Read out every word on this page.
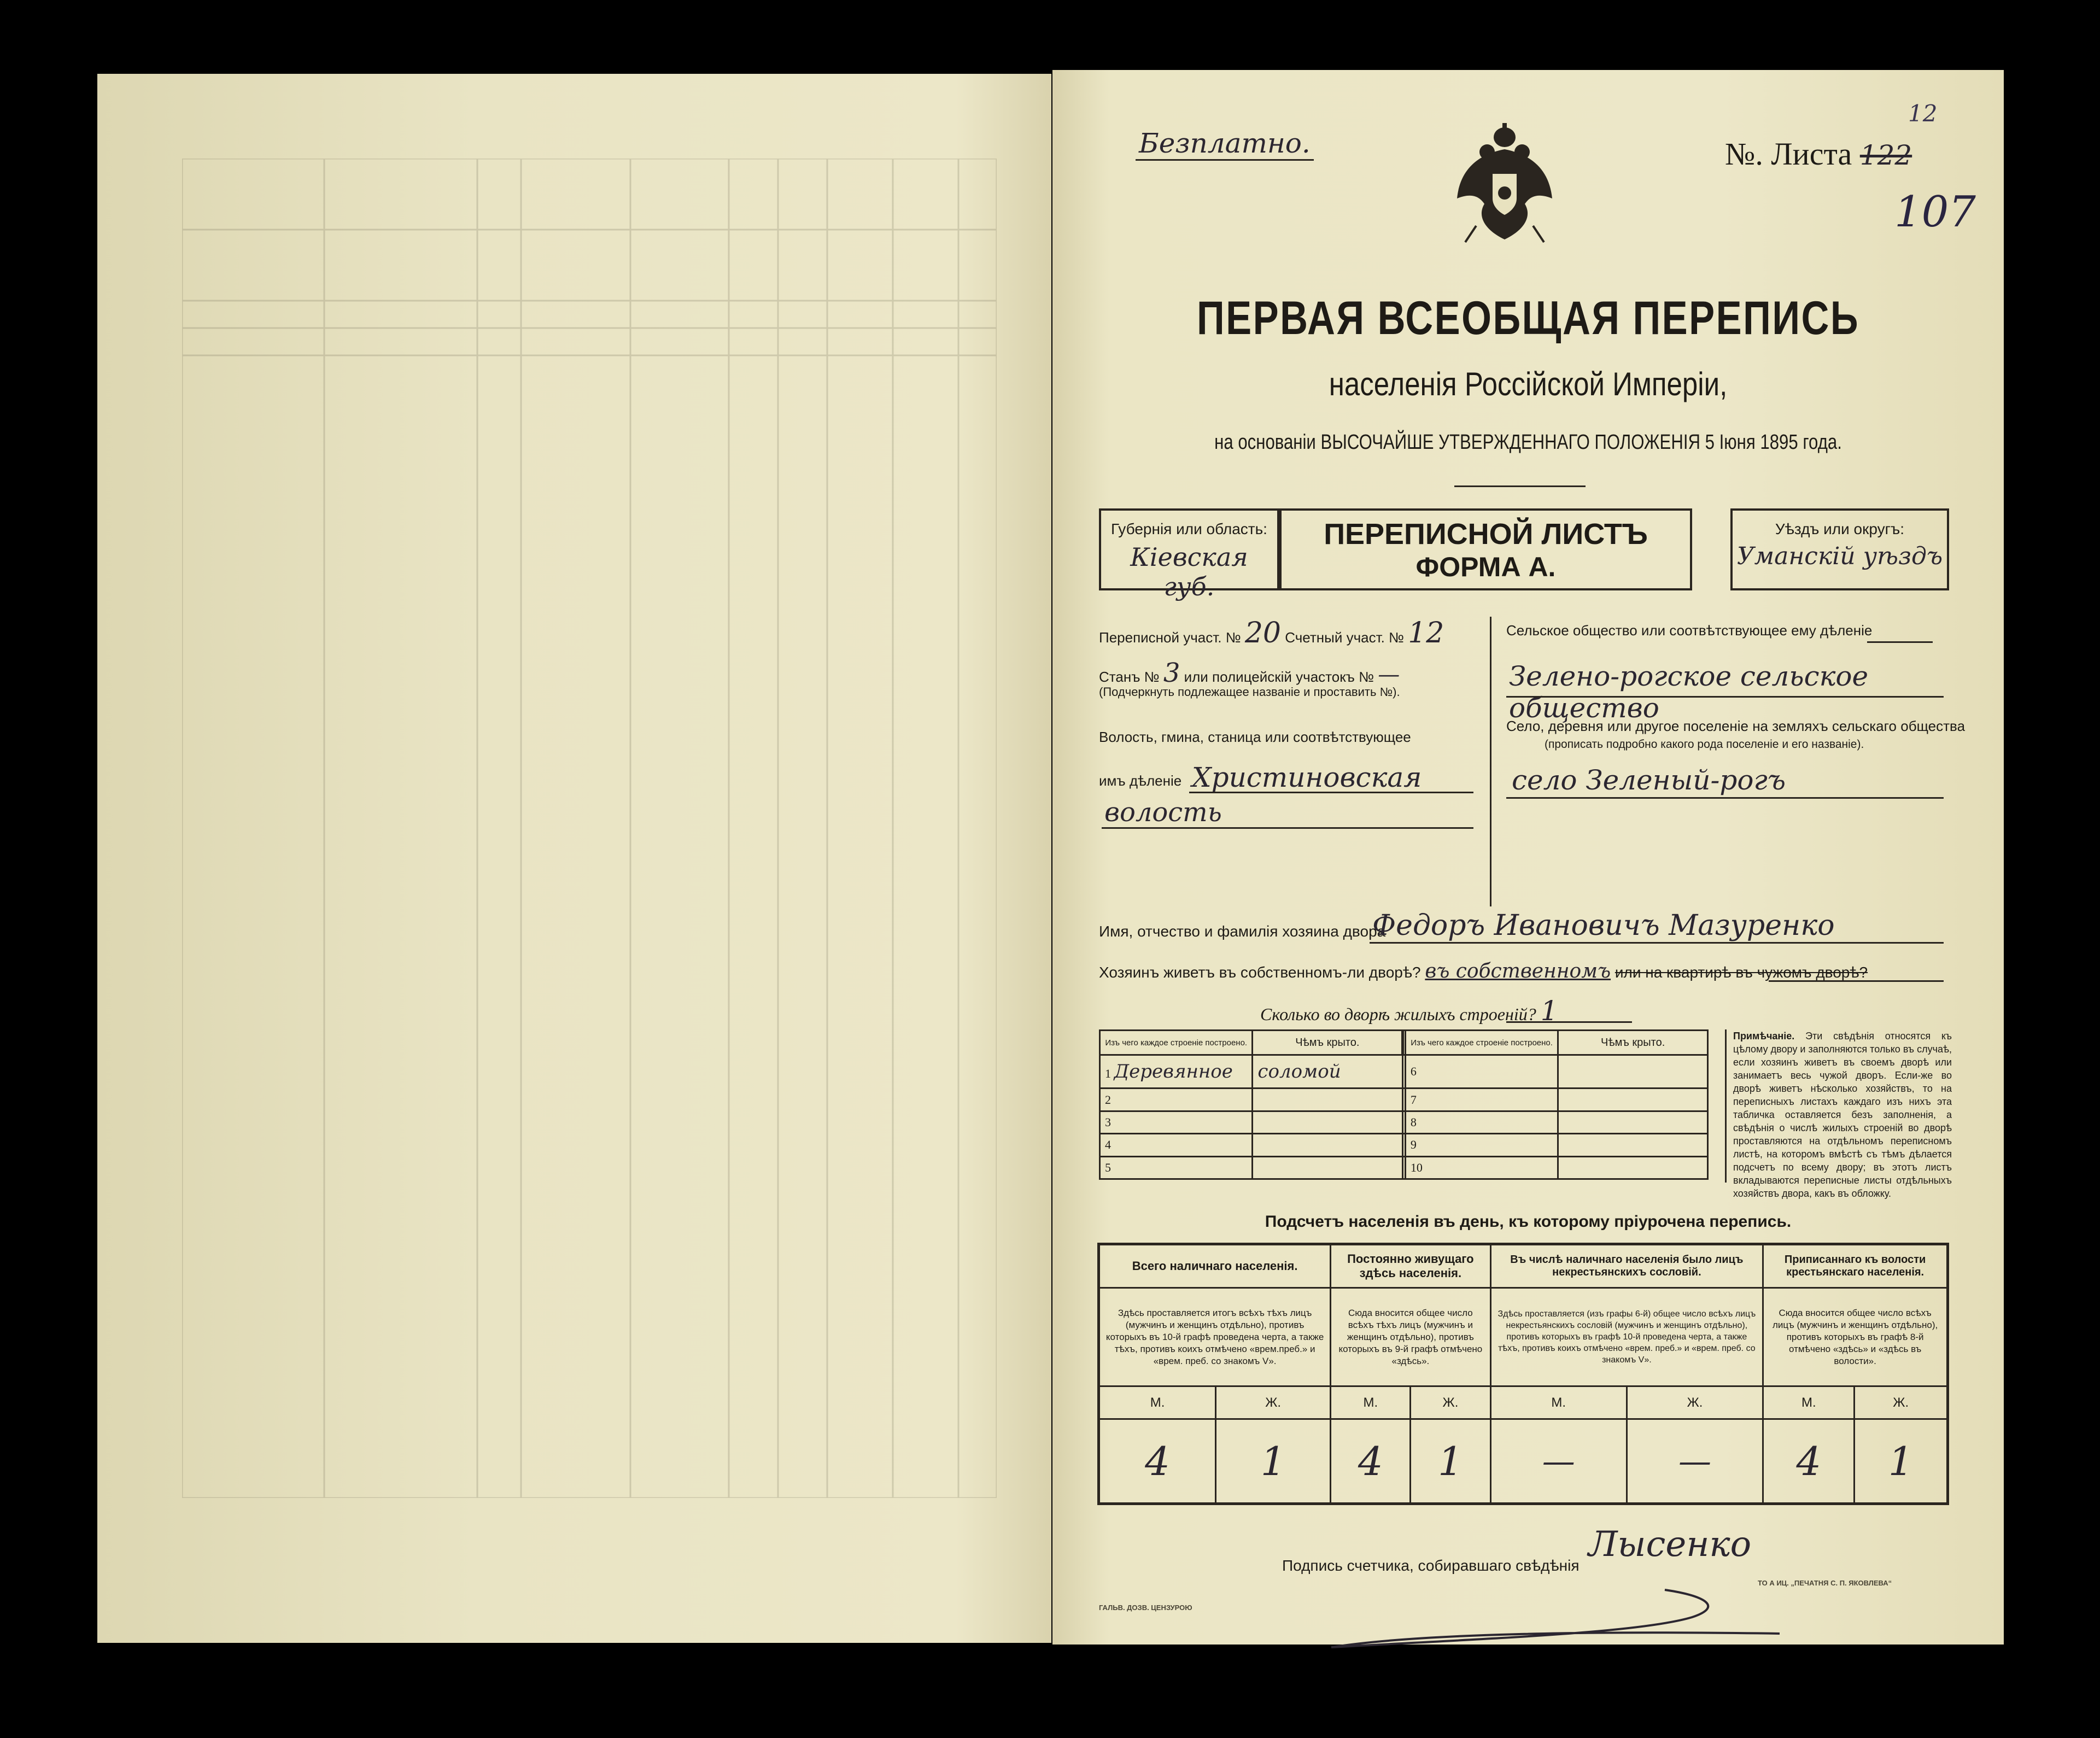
Безплатно.	№. Листа 122
12
107
ПЕРВАЯ ВСЕОБЩАЯ ПЕРЕПИСЬ
населенія Россійской Имперіи,
на основаніи ВЫСОЧАЙШЕ УТВЕРЖДЕННАГО ПОЛОЖЕНІЯ 5 Іюня 1895 года.
Губернія или область:
Кіевская губ.
ПЕРЕПИСНОЙ ЛИСТЪ
ФОРМА А.
Уѣздъ или округъ:
Уманскій уѣздъ
Переписной участ. № 20 Счетный участ. № 12
Станъ № 3 или полицейскій участокъ № —
(Подчеркнуть подлежащее названіе и проставить №).
Волость, гмина, станица или соотвѣтствующее
имъ дѣленіе Христиновская
волость
Сельское общество или соотвѣтствующее ему дѣленіе
Зелено-рогское сельское общество
Село, деревня или другое поселеніе на земляхъ сельскаго общества
(прописать подробно какого рода поселеніе и его названіе).
село Зеленый-рогъ
Имя, отчество и фамилія хозяина двора
Федоръ Ивановичъ Мазуренко
Хозяинъ живетъ въ собственномъ-ли дворѣ? въ собственномъ или на квартирѣ въ чужомъ дворѣ?
Сколько во дворѣ жилыхъ строеній? 1
Изъ чего каждое строеніе построено.	Чѣмъ крыто.		Изъ чего каждое строеніе построено.	Чѣмъ крыто.
1 Деревянное	соломой		6	
2			7	
3			8	
4			9	
5			10	
Примѣчаніе. Эти свѣдѣнія относятся къ цѣлому двору и заполняются только въ случаѣ, если хозяинъ живетъ въ своемъ дворѣ или занимаетъ весь чужой дворъ. Если-же во дворѣ живетъ нѣсколько хозяйствъ, то на переписныхъ листахъ каждаго изъ нихъ эта табличка оставляется безъ заполненія, а свѣдѣнія о числѣ жилыхъ строеній во дворѣ проставляются на отдѣльномъ переписномъ листѣ, на которомъ вмѣстѣ съ тѣмъ дѣлается подсчетъ по всему двору; въ этотъ листъ вкладываются переписные листы отдѣльныхъ хозяйствъ двора, какъ въ обложку.
Подсчетъ населенія въ день, къ которому пріурочена перепись.
Всего наличнаго населенія.		Постоянно живущаго здѣсь населенія.		Въ числѣ наличнаго населенія было лицъ некрестьянскихъ сословій.		Приписаннаго къ волости крестьянскаго населенія.	
Здѣсь проставляется итогъ всѣхъ тѣхъ лицъ (мужчинъ и женщинъ отдѣльно), противъ которыхъ въ 10-й графѣ проведена черта, а также тѣхъ, противъ коихъ отмѣчено «врем.преб.» и «врем. преб. со знакомъ V».		Сюда вносится общее число всѣхъ тѣхъ лицъ (мужчинъ и женщинъ отдѣльно), противъ которыхъ въ 9-й графѣ отмѣчено «здѣсь».		Здѣсь проставляется (изъ графы 6-й) общее число всѣхъ лицъ некрестьянскихъ сословій (мужчинъ и женщинъ отдѣльно), противъ которыхъ въ графѣ 10-й проведена черта, а также тѣхъ, противъ коихъ отмѣчено «врем. преб.» и «врем. преб. со знакомъ V».		Сюда вносится общее число всѣхъ лицъ (мужчинъ и женщинъ отдѣльно), противъ которыхъ въ графѣ 8-й отмѣчено «здѣсь» и «здѣсь въ волости».	
М.	Ж.	М.	Ж.	М.	Ж.	М.	Ж.
4	1	4	1	—	—	4	1
Подпись счетчика, собиравшаго свѣдѣнія
Лысенко
ГАЛЬВ. ДОЗВ. ЦЕНЗУРОЮ
ТО А ИЦ. „ПЕЧАТНЯ С. П. ЯКОВЛЕВА“
